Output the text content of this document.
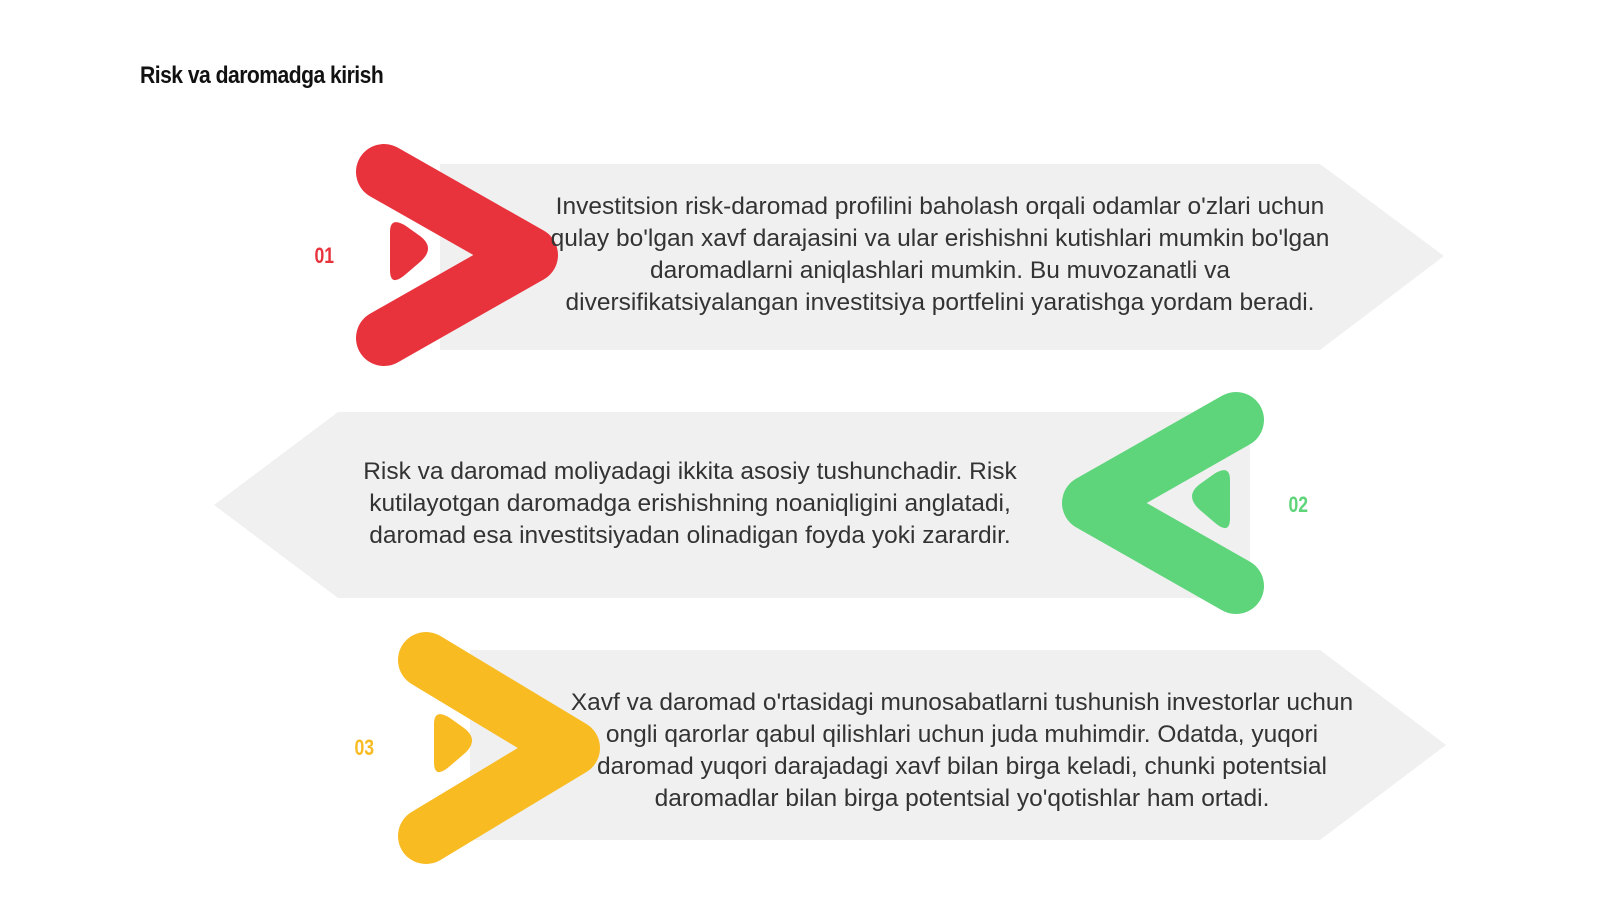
Risk va daromadga kirish
01
Investitsion risk-daromad profilini baholash orqali odamlar o'zlari uchun qulay bo'lgan xavf darajasini va ular erishishni kutishlari mumkin bo'lgan daromadlarni aniqlashlari mumkin. Bu muvozanatli va diversifikatsiyalangan investitsiya portfelini yaratishga yordam beradi.
02
Risk va daromad moliyadagi ikkita asosiy tushunchadir. Risk kutilayotgan daromadga erishishning noaniqligini anglatadi, daromad esa investitsiyadan olinadigan foyda yoki zarardir.
03
Xavf va daromad o'rtasidagi munosabatlarni tushunish investorlar uchun ongli qarorlar qabul qilishlari uchun juda muhimdir. Odatda, yuqori daromad yuqori darajadagi xavf bilan birga keladi, chunki potentsial daromadlar bilan birga potentsial yo'qotishlar ham ortadi.
